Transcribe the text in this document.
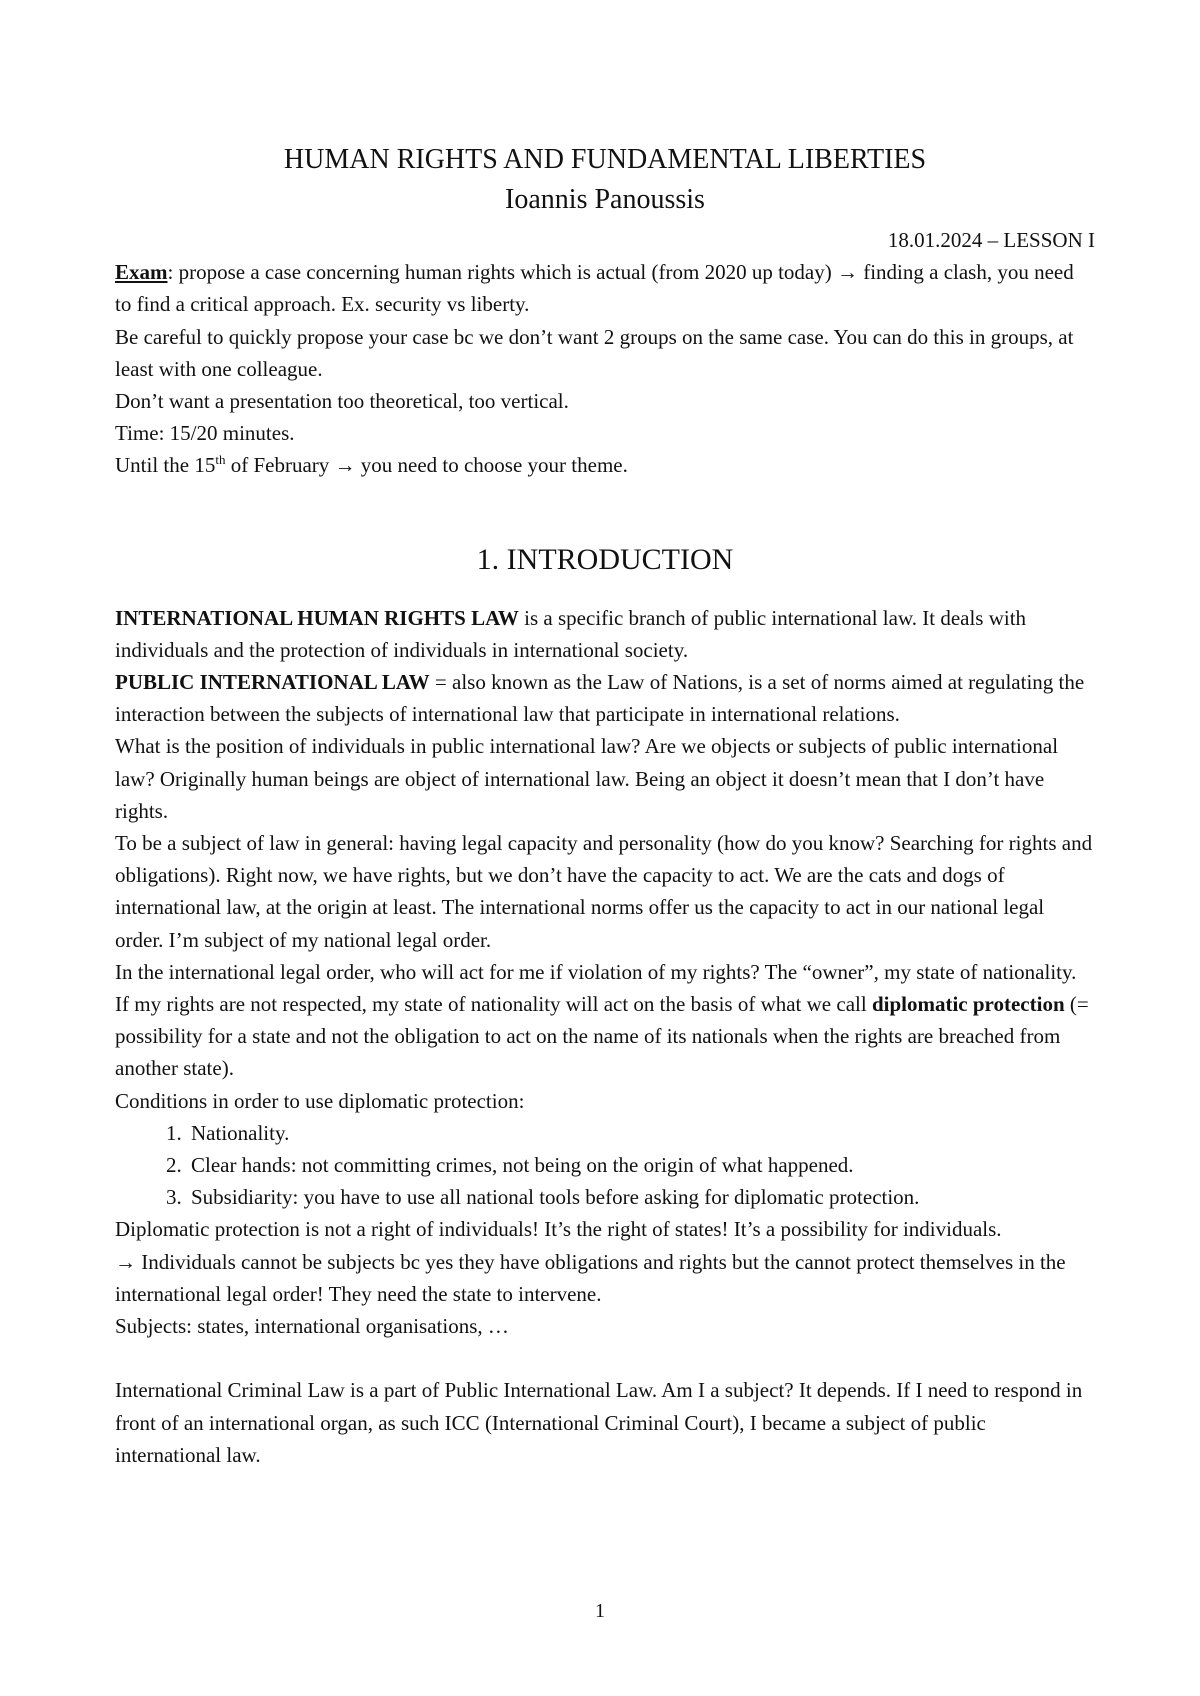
HUMAN RIGHTS AND FUNDAMENTAL LIBERTIES

Ioannis Panoussis

18.01.2024 – LESSON I

Exam: propose a case concerning human rights which is actual (from 2020 up today) → finding a clash, you need to find a critical approach. Ex. security vs liberty.

Be careful to quickly propose your case bc we don’t want 2 groups on the same case. You can do this in groups, at least with one colleague.

Don’t want a presentation too theoretical, too vertical.

Time: 15/20 minutes.

Until the 15th of February → you need to choose your theme.

1. INTRODUCTION

INTERNATIONAL HUMAN RIGHTS LAW is a specific branch of public international law. It deals with individuals and the protection of individuals in international society.

PUBLIC INTERNATIONAL LAW = also known as the Law of Nations, is a set of norms aimed at regulating the interaction between the subjects of international law that participate in international relations.

What is the position of individuals in public international law? Are we objects or subjects of public international law? Originally human beings are object of international law. Being an object it doesn’t mean that I don’t have rights.

To be a subject of law in general: having legal capacity and personality (how do you know? Searching for rights and obligations). Right now, we have rights, but we don’t have the capacity to act. We are the cats and dogs of international law, at the origin at least. The international norms offer us the capacity to act in our national legal order. I’m subject of my national legal order.

In the international legal order, who will act for me if violation of my rights? The “owner”, my state of nationality. If my rights are not respected, my state of nationality will act on the basis of what we call diplomatic protection (= possibility for a state and not the obligation to act on the name of its nationals when the rights are breached from another state).

Conditions in order to use diplomatic protection:

1. Nationality.
2. Clear hands: not committing crimes, not being on the origin of what happened.
3. Subsidiarity: you have to use all national tools before asking for diplomatic protection.

Diplomatic protection is not a right of individuals! It’s the right of states! It’s a possibility for individuals.

→ Individuals cannot be subjects bc yes they have obligations and rights but the cannot protect themselves in the international legal order! They need the state to intervene.

Subjects: states, international organisations, …

International Criminal Law is a part of Public International Law. Am I a subject? It depends. If I need to respond in front of an international organ, as such ICC (International Criminal Court), I became a subject of public international law.

1
